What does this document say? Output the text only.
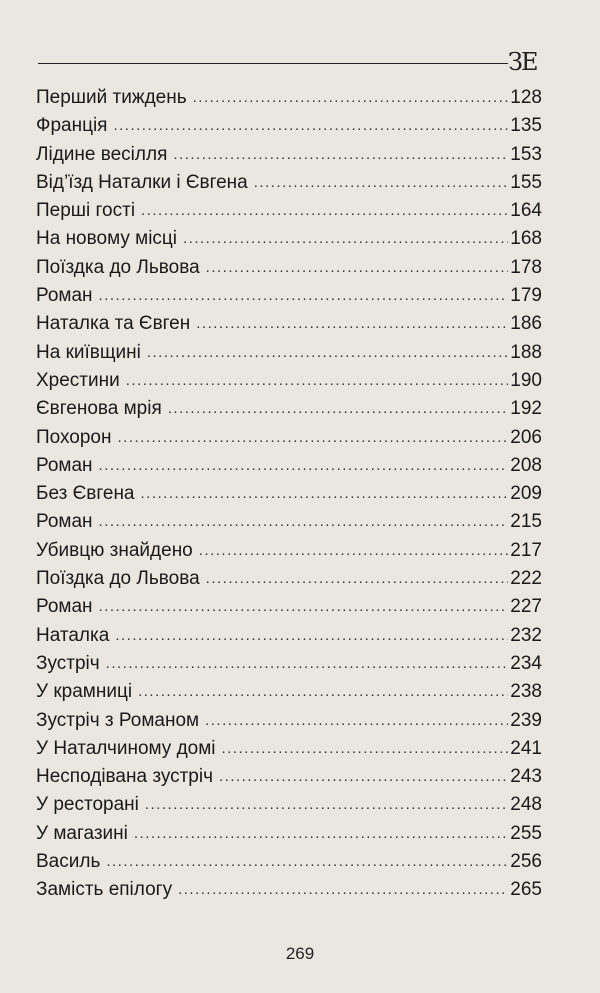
ЗЕ
Перший тиждень .....	128
Франція .....	135
Лідине весілля .....	153
Від’їзд Наталки і Євгена .....	155
Перші гості .....	164
На новому місці .....	168
Поїздка до Львова .....	178
Роман .....	179
Наталка та Євген .....	186
На київщині .....	188
Хрестини .....	190
Євгенова мрія .....	192
Похорон .....	206
Роман .....	208
Без Євгена .....	209
Роман .....	215
Убивцю знайдено .....	217
Поїздка до Львова .....	222
Роман .....	227
Наталка .....	232
Зустріч .....	234
У крамниці .....	238
Зустріч з Романом .....	239
У Наталчиному домі .....	241
Несподівана зустріч .....	243
У ресторані .....	248
У магазині .....	255
Василь .....	256
Замість епілогу .....	265
269
